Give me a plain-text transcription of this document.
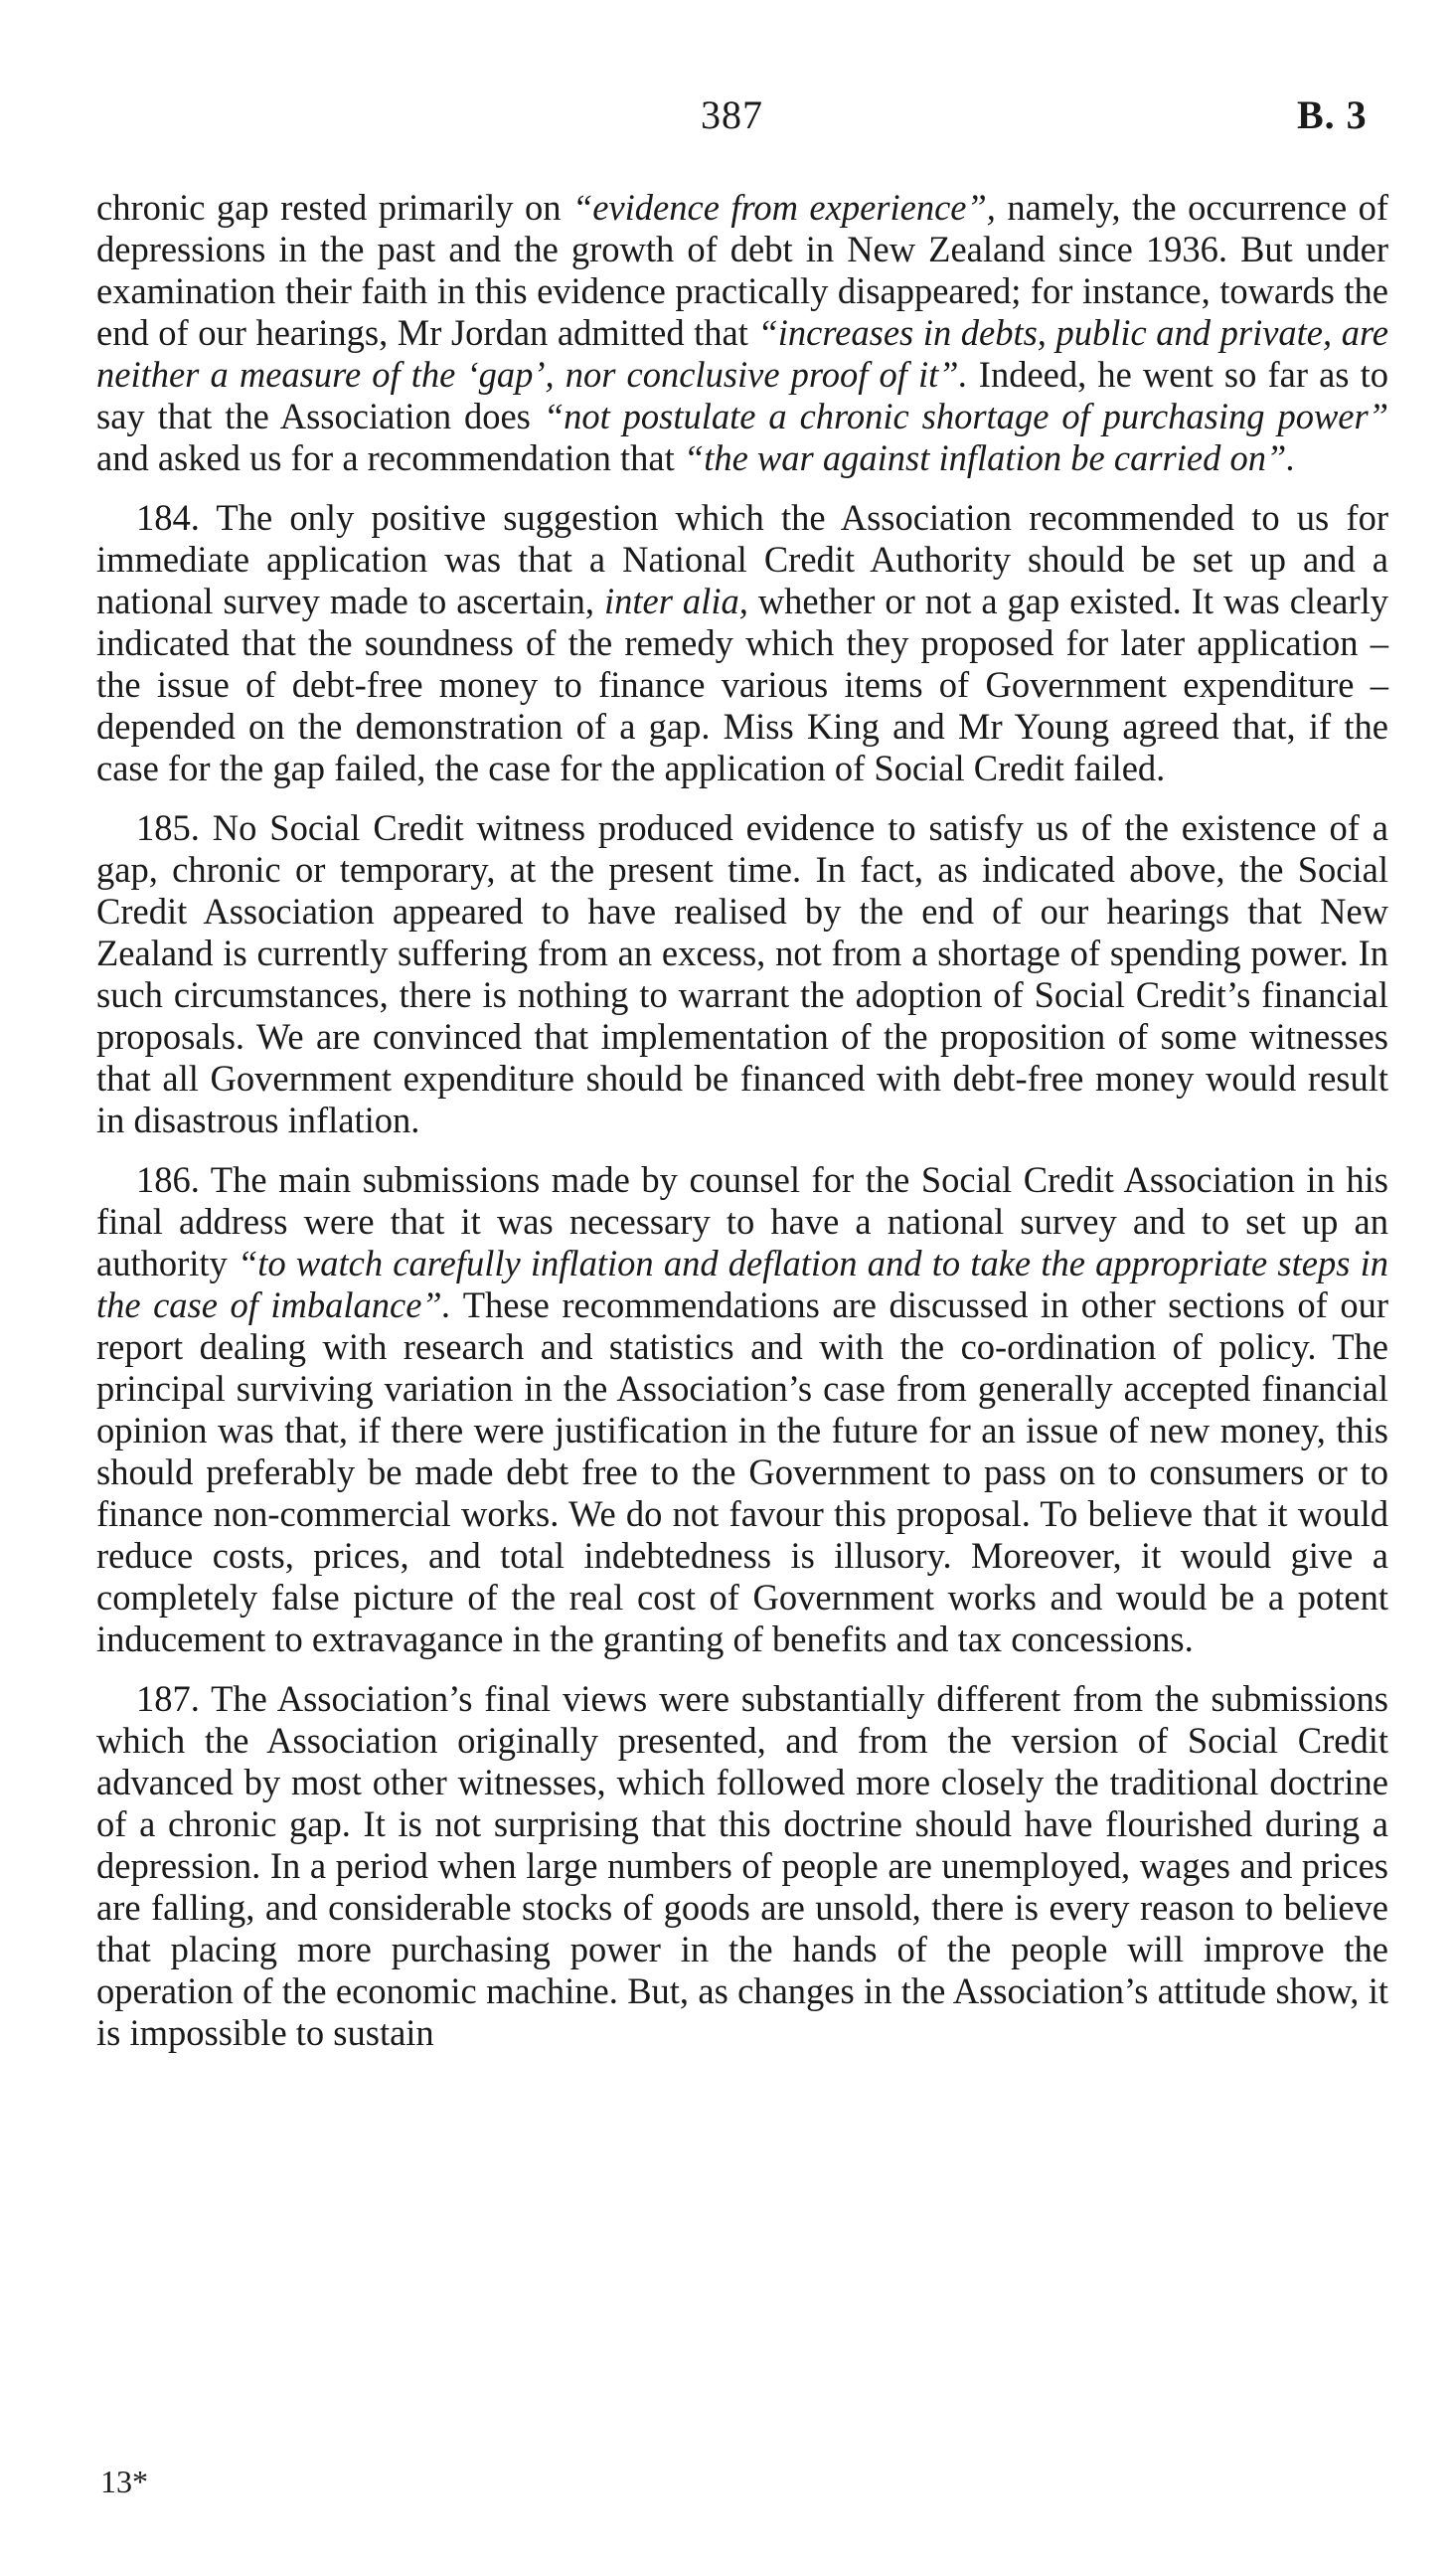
387	B. 3

chronic gap rested primarily on “evidence from experience”, namely, the occurrence of depressions in the past and the growth of debt in New Zealand since 1936. But under examination their faith in this evidence practically disappeared; for instance, towards the end of our hearings, Mr Jordan admitted that “increases in debts, public and private, are neither a measure of the ‘gap’, nor conclusive proof of it”. Indeed, he went so far as to say that the Association does “not postulate a chronic shortage of purchasing power” and asked us for a recommendation that “the war against inflation be carried on”.

184. The only positive suggestion which the Association recommended to us for immediate application was that a National Credit Authority should be set up and a national survey made to ascertain, inter alia, whether or not a gap existed. It was clearly indicated that the soundness of the remedy which they proposed for later application – the issue of debt-free money to finance various items of Government expenditure – depended on the demonstration of a gap. Miss King and Mr Young agreed that, if the case for the gap failed, the case for the application of Social Credit failed.

185. No Social Credit witness produced evidence to satisfy us of the existence of a gap, chronic or temporary, at the present time. In fact, as indicated above, the Social Credit Association appeared to have realised by the end of our hearings that New Zealand is currently suffering from an excess, not from a shortage of spending power. In such circumstances, there is nothing to warrant the adoption of Social Credit’s financial proposals. We are convinced that implementation of the proposition of some witnesses that all Government expenditure should be financed with debt-free money would result in disastrous inflation.

186. The main submissions made by counsel for the Social Credit Association in his final address were that it was necessary to have a national survey and to set up an authority “to watch carefully inflation and deflation and to take the appropriate steps in the case of imbalance”. These recommendations are discussed in other sections of our report dealing with research and statistics and with the co-ordination of policy. The principal surviving variation in the Association’s case from generally accepted financial opinion was that, if there were justification in the future for an issue of new money, this should preferably be made debt free to the Government to pass on to consumers or to finance non-commercial works. We do not favour this proposal. To believe that it would reduce costs, prices, and total indebtedness is illusory. Moreover, it would give a completely false picture of the real cost of Government works and would be a potent inducement to extravagance in the granting of benefits and tax concessions.

187. The Association’s final views were substantially different from the submissions which the Association originally presented, and from the version of Social Credit advanced by most other witnesses, which followed more closely the traditional doctrine of a chronic gap. It is not surprising that this doctrine should have flourished during a depression. In a period when large numbers of people are unemployed, wages and prices are falling, and considerable stocks of goods are unsold, there is every reason to believe that placing more purchasing power in the hands of the people will improve the operation of the economic machine. But, as changes in the Association’s attitude show, it is impossible to sustain

13*
